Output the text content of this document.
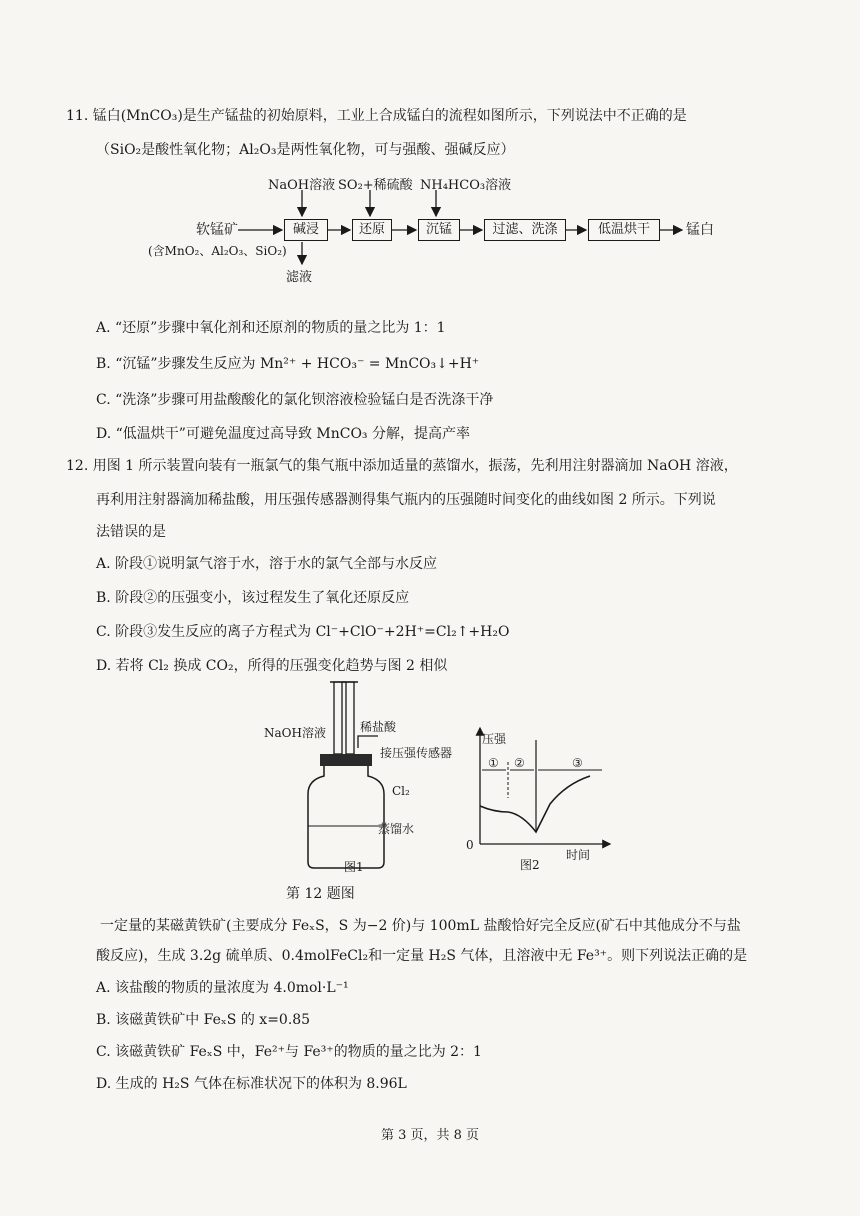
11. 锰白(MnCO₃)是生产锰盐的初始原料，工业上合成锰白的流程如图所示，下列说法中不正确的是
（SiO₂是酸性氧化物；Al₂O₃是两性氧化物，可与强酸、强碱反应）
NaOH溶液 SO₂+稀硫酸 NH₄HCO₃溶液
软锰矿
(含MnO₂、Al₂O₃、SiO₂)
碱浸	还原	沉锰	过滤、洗涤	低温烘干	锰白
滤液
A. “还原”步骤中氧化剂和还原剂的物质的量之比为 1：1
B. “沉锰”步骤发生反应为 Mn²⁺ + HCO₃⁻ = MnCO₃↓+H⁺
C. “洗涤”步骤可用盐酸酸化的氯化钡溶液检验锰白是否洗涤干净
D. “低温烘干”可避免温度过高导致 MnCO₃ 分解，提高产率
12. 用图 1 所示装置向装有一瓶氯气的集气瓶中添加适量的蒸馏水，振荡，先利用注射器滴加 NaOH 溶液，
再利用注射器滴加稀盐酸，用压强传感器测得集气瓶内的压强随时间变化的曲线如图 2 所示。下列说
法错误的是
A. 阶段①说明氯气溶于水，溶于水的氯气全部与水反应
B. 阶段②的压强变小，该过程发生了氧化还原反应
C. 阶段③发生反应的离子方程式为 Cl⁻+ClO⁻+2H⁺=Cl₂↑+H₂O
D. 若将 Cl₂ 换成 CO₂，所得的压强变化趋势与图 2 相似
NaOH溶液	稀盐酸
接压强传感器
Cl₂
蒸馏水
图1
压强
① ②	③
0
时间
图2
第 12 题图
一定量的某磁黄铁矿(主要成分 FeₓS，S 为−2 价)与 100mL 盐酸恰好完全反应(矿石中其他成分不与盐
酸反应)，生成 3.2g 硫单质、0.4molFeCl₂和一定量 H₂S 气体，且溶液中无 Fe³⁺。则下列说法正确的是
A. 该盐酸的物质的量浓度为 4.0mol·L⁻¹
B. 该磁黄铁矿中 FeₓS 的 x=0.85
C. 该磁黄铁矿 FeₓS 中，Fe²⁺与 Fe³⁺的物质的量之比为 2：1
D. 生成的 H₂S 气体在标准状况下的体积为 8.96L
第 3 页，共 8 页
